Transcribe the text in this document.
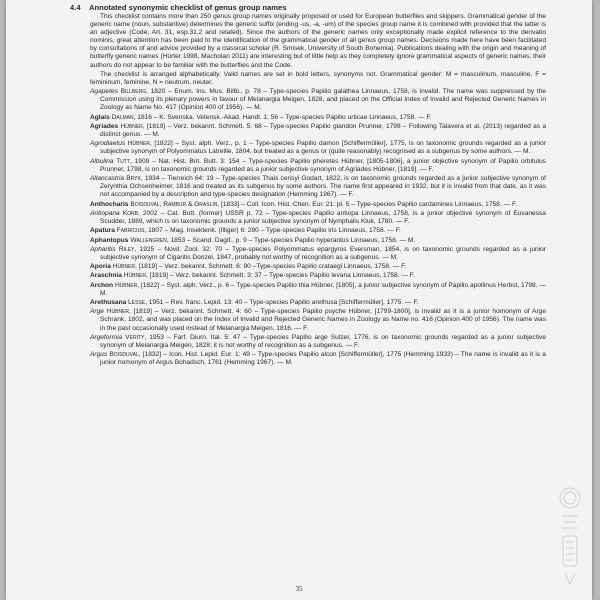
4.4 Annotated synonymic checklist of genus group names

This checklist contains more than 250 genus group names originally proposed or used for European butterflies and skippers. Grammatical gender of the generic name (noun, substantive) determines the generic suffix (ending -us, -a, -um) of the species group name it is combined with provided that the latter is an adjective (Code, Art. 31, esp.31.2 and related). Since the authors of the generic names only exceptionally made explicit reference to the derivatio nominis, great attention has been paid to the identification of the grammatical gender of all genus group names. Decisions made here have been facilitated by consultations of and advice provided by a classical scholar (R. Smisek, University of South Bohemia). Publications dealing with the origin and meaning of butterfly generic names (Hürter 1998, Macholan 2011) are interesting but of little help as they completely ignore grammatical aspects of generic names; their authors do not appear to be familiar with the butterflies and the Code.

The checklist is arranged alphabetically. Valid names are set in bold letters, synonyms not. Grammatical gender: M = masculinum, masculine, F = femininum, feminine, N = neutrum, neuter.

Agapetes Billberg, 1820 – Enum. Ins. Mus. Billb., p. 78 – Type-species Papilio galathea Linnaeus, 1758, is invalid. The name was suppressed by the Commission using its plenary powers in favour of Melanargia Meigen, 1828, and placed on the Official Index of Invalid and Rejected Generic Names in Zoology as Name No. 417 (Opinion 400 of 1956). — M.

Aglais Dalman, 1816 – K. Svenska. Vetensk.-Akad. Handl. 1: 56 – Type-species Papilio urticae Linnaeus, 1758. — F.

Agriades Hübner, [1819] – Verz. bekannt. Schmett. 5: 68 – Type-species Papilio glandon Prunner, 1798 – Following Talavera et al. (2013) regarded as a distinct genus. — M.

Agrodiaetus Hübner, [1822] – Syst. alph. Verz., p. 1 – Type-species Papilio damon [Schiffermüller], 1775, is on taxonomic grounds regarded as a junior subjective synonym of Polyommatus Latreille, 1804, but treated as a genus or (quite reasonably) recognised as a subgenus by some authors. — M.

Albulina Tutt, 1909 – Nat. Hist. Brit. Butt. 3: 154 – Type-species Papilio pheretes Hübner, [1805-1806], a junior objective synonym of Papilio orbitulus Prunner, 1798, is on taxonomic grounds regarded as a junior subjective synonym of Agriades Hübner, [1819]. — F.

Allancastria Bryk, 1934 – Tierreich 64: 19 – Type-species Thais cerisyi Godart, 1822, is on taxonomic grounds regarded as a junior subjective synonym of Zerynthia Ochsenheimer, 1816 and treated as its subgenus by some authors. The name first appeared in 1932, but it is invalid from that date, as it was not accompanied by a description and type-species designation (Hemming 1967). — F.

Anthocharis Boisduval, Rambur & Graslin, [1833] – Coll. Icon. Hist. Chen. Eur. 21: pl. 5 – Type-species Papilio cardamines Linnaeus, 1758. — F.

Antiopana Korb, 2002 – Cat. Butt. (former) USSR p. 72 – Type-species Papilio antiopa Linnaeus, 1758, is a junior objective synonym of Euvanessa Scudder, 1889, which is on taxonomic grounds a junior subjective synonym of Nymphalis Kluk, 1780. — F.

Apatura Fabricius, 1807 – Mag. Insektenk. (Illiger) 6: 280 – Type-species Papilio iris Linnaeus, 1758. — F.

Aphantopus Wallengren, 1853 – Scand. Dagif., p. 9 – Type-species Papilio hyperantus Linnaeus, 1758. — M.

Apharitis Riley, 1925 – Novit. Zool. 32: 70 – Type-species Polyommatus epargyros Eversman, 1854, is on taxonomic grounds regarded as a junior subjective synonym of Cigaritis Donzel, 1847, probably not worthy of recognition as a subgenus. — M.

Aporia Hübner, [1819] – Verz. bekannt. Schmett. 6: 90 –Type-species Papilio crataegi Linnaeus, 1758. — F.

Araschnia Hübner, [1819] – Verz. bekannt. Schmett. 3: 37 – Type-species Papilio levana Linnaeus, 1758. — F.

Archon Hübner, [1822] – Syst. alph. Verz., p. 6 – Type-species Papilio thia Hübner, [1805], a junior subjective synonym of Papilio apollinus Herbst, 1798. — M.

Arethusana Lesse, 1951 – Rev. franc. Lepid. 13: 40 – Type-species Papilio arethusa [Schiffermüller], 1775. — F.

Arge Hübner, [1819] – Verz. bekannt. Schmett. 4: 60 – Type-species Papilio psyche Hübner, [1799-1800], is invalid as it is a junior homonym of Arge Schrank, 1802, and was placed on the Index of Invalid and Rejected Generic Names in Zoology as Name no. 416 (Opinion 400 of 1956). The name was in the past occasionally used instead of Melanargia Meigen, 1816. — F.

Argeformia Verity, 1953 – Farf. Diurn. Ital. 5: 47 – Type-species Papilio arge Sulzer, 1776, is on taxonomic grounds regarded as a junior subjective synonym of Melanargia Meigen, 1828; it is not worthy of recognition as a subgenus. — F.

Argus Boisduval, [1832] – Icon. Hist. Lepid. Eur. 1: 49 – Type-species Papilio alcon [Schiffermüller], 1775 (Hemming 1933) – The name is invalid as it is a junior homonym of Argus Bohadsch, 1761 (Hemming 1967). — M.

35
